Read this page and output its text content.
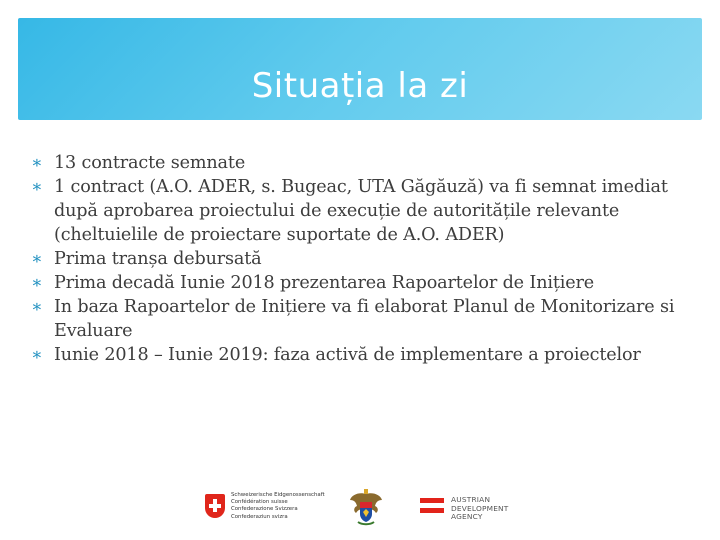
Situația la zi
∗ 13 contracte semnate
∗ 1 contract (A.O. ADER, s. Bugeac, UTA Găgăuză) va fi semnat imediat după aprobarea proiectului de execuție de autoritățile relevante (cheltuielile de proiectare suportate de A.O. ADER)
∗ Prima tranșa debursată
∗ Prima decadă Iunie 2018 prezentarea Rapoartelor de Inițiere
∗ In baza Rapoartelor de Inițiere va fi elaborat Planul de Monitorizare si Evaluare
∗ Iunie 2018 – Iunie 2019: faza activă de implementare a proiectelor
Schweizerische Eidgenossenschaft
Confédération suisse
Confederazione Svizzera
Confederaziun svizra
AUSTRIAN
DEVELOPMENT
AGENCY
